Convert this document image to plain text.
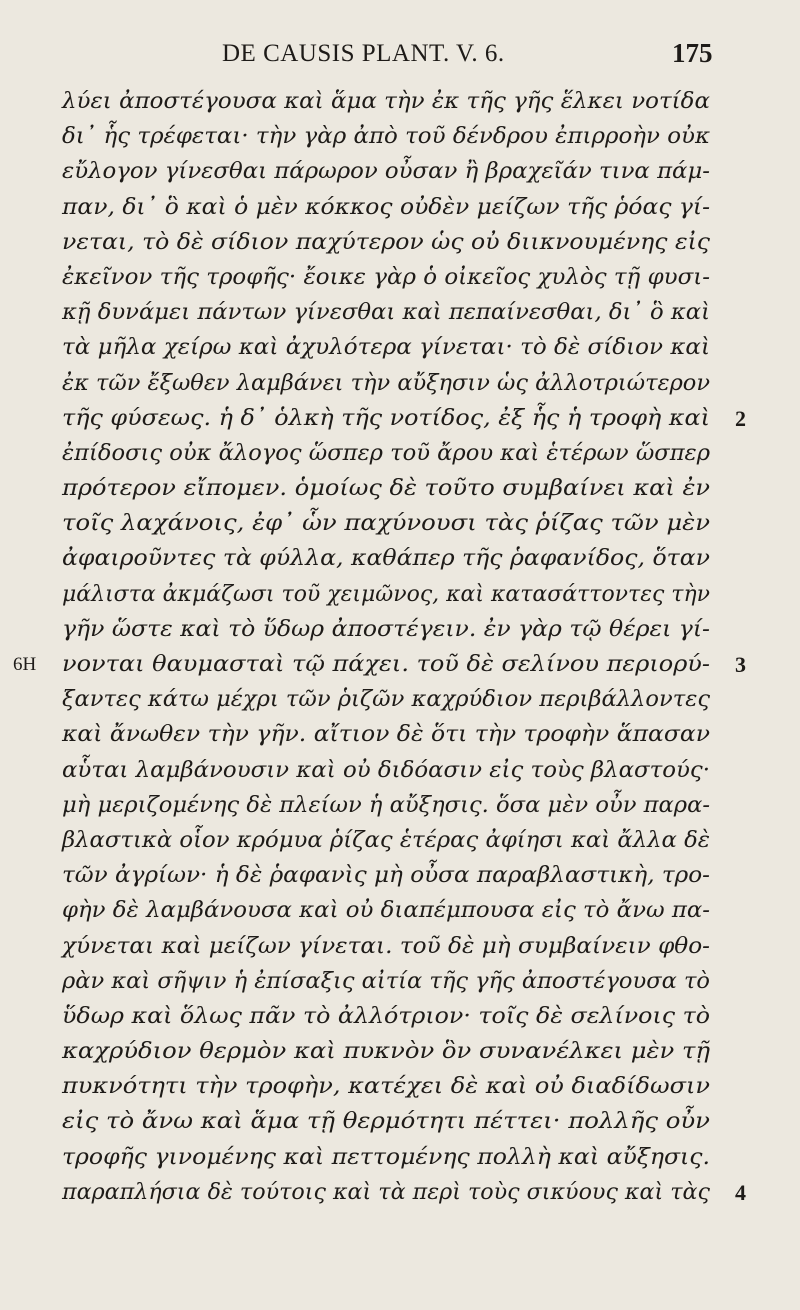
DE CAUSIS PLANT. V. 6.	175
λύει ἀποστέγουσα καὶ ἅμα τὴν ἐκ τῆς γῆς ἕλκει νοτίδα
δι᾽ ἧς τρέφεται· τὴν γὰρ ἀπὸ τοῦ δένδρου ἐπιρροὴν οὐκ
εὔλογον γίνεσθαι πάρωρον οὖσαν ἢ βραχεῖάν τινα πάμ-
παν, δι᾽ ὃ καὶ ὁ μὲν κόκκος οὐδὲν μείζων τῆς ῥόας γί-
νεται, τὸ δὲ σίδιον παχύτερον ὡς οὐ διικνουμένης εἰς
ἐκεῖνον τῆς τροφῆς· ἔοικε γὰρ ὁ οἰκεῖος χυλὸς τῇ φυσι-
κῇ δυνάμει πάντων γίνεσθαι καὶ πεπαίνεσθαι, δι᾽ ὃ καὶ
τὰ μῆλα χείρω καὶ ἀχυλότερα γίνεται· τὸ δὲ σίδιον καὶ
ἐκ τῶν ἔξωθεν λαμβάνει τὴν αὔξησιν ὡς ἀλλοτριώτερον
τῆς φύσεως. ἡ δ᾽ ὁλκὴ τῆς νοτίδος, ἐξ ἧς ἡ τροφὴ καὶ 2
ἐπίδοσις οὐκ ἄλογος ὥσπερ τοῦ ἄρου καὶ ἑτέρων ὥσπερ
πρότερον εἴπομεν. ὁμοίως δὲ τοῦτο συμβαίνει καὶ ἐν
τοῖς λαχάνοις, ἐφ᾽ ὧν παχύνουσι τὰς ῥίζας τῶν μὲν
ἀφαιροῦντες τὰ φύλλα, καθάπερ τῆς ῥαφανίδος, ὅταν
μάλιστα ἀκμάζωσι τοῦ χειμῶνος, καὶ κατασάττοντες τὴν
γῆν ὥστε καὶ τὸ ὕδωρ ἀποστέγειν. ἐν γὰρ τῷ θέρει γί-
νονται θαυμασταὶ τῷ πάχει. τοῦ δὲ σελίνου περιορύ-
6H	3
ξαντες κάτω μέχρι τῶν ῥιζῶν καχρύδιον περιβάλλοντες
καὶ ἄνωθεν τὴν γῆν. αἴτιον δὲ ὅτι τὴν τροφὴν ἅπασαν
αὗται λαμβάνουσιν καὶ οὐ διδόασιν εἰς τοὺς βλαστούς·
μὴ μεριζομένης δὲ πλείων ἡ αὔξησις. ὅσα μὲν οὖν παρα-
βλαστικὰ οἷον κρόμυα ῥίζας ἑτέρας ἀφίησι καὶ ἄλλα δὲ
τῶν ἀγρίων· ἡ δὲ ῥαφανὶς μὴ οὖσα παραβλαστικὴ, τρο-
φὴν δὲ λαμβάνουσα καὶ οὐ διαπέμπουσα εἰς τὸ ἄνω πα-
χύνεται καὶ μείζων γίνεται. τοῦ δὲ μὴ συμβαίνειν φθο-
ρὰν καὶ σῆψιν ἡ ἐπίσαξις αἰτία τῆς γῆς ἀποστέγουσα τὸ
ὕδωρ καὶ ὅλως πᾶν τὸ ἀλλότριον· τοῖς δὲ σελίνοις τὸ
καχρύδιον θερμὸν καὶ πυκνὸν ὃν συνανέλκει μὲν τῇ
πυκνότητι τὴν τροφὴν, κατέχει δὲ καὶ οὐ διαδίδωσιν
εἰς τὸ ἄνω καὶ ἅμα τῇ θερμότητι πέττει· πολλῆς οὖν
τροφῆς γινομένης καὶ πεττομένης πολλὴ καὶ αὔξησις.
παραπλήσια δὲ τούτοις καὶ τὰ περὶ τοὺς σικύους καὶ τὰς 4
